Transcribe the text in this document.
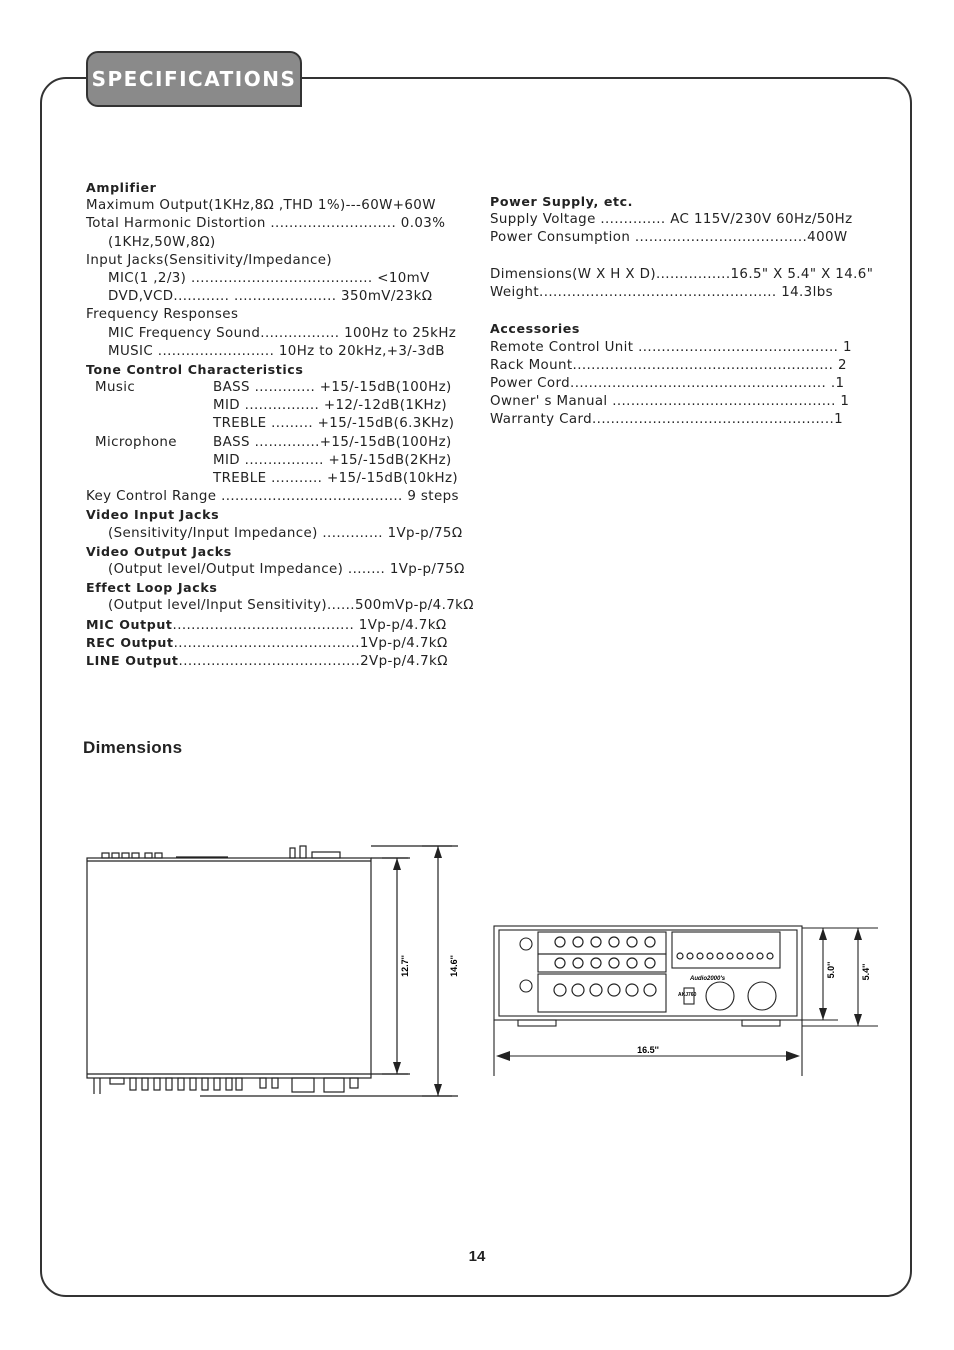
SPECIFICATIONS
Amplifier
Maximum Output(1KHz,8Ω ,THD 1%)---60W+60W
Total Harmonic Distortion ........................... 0.03%
(1KHz,50W,8Ω)
Input Jacks(Sensitivity/Impedance)
MIC(1 ,2/3) ....................................... <10mV
DVD,VCD............ ...................... 350mV/23kΩ
Frequency Responses
MIC Frequency Sound................. 100Hz to 25kHz
MUSIC ......................... 10Hz to 20kHz,+3/-3dB
Tone Control Characteristics
Music	BASS ............. +15/-15dB(100Hz)
MID ................ +12/-12dB(1KHz)
TREBLE ......... +15/-15dB(6.3KHz)
Microphone	BASS ..............+15/-15dB(100Hz)
MID ................. +15/-15dB(2KHz)
TREBLE ........... +15/-15dB(10kHz)
Key Control Range ....................................... 9 steps
Video Input Jacks
(Sensitivity/Input Impedance) ............. 1Vp-p/75Ω
Video Output Jacks
(Output level/Output Impedance) ........ 1Vp-p/75Ω
Effect Loop Jacks
(Output level/Input Sensitivity)......500mVp-p/4.7kΩ
MIC Output....................................... 1Vp-p/4.7kΩ
REC Output........................................1Vp-p/4.7kΩ
LINE Output.......................................2Vp-p/4.7kΩ
Power Supply, etc.
Supply Voltage .............. AC 115V/230V 60Hz/50Hz
Power Consumption .....................................400W
Dimensions(W X H X D)................16.5" X 5.4" X 14.6"
Weight................................................... 14.3lbs
Accessories
Remote Control Unit ........................................... 1
Rack Mount........................................................ 2
Power Cord....................................................... .1
Owner' s Manual ................................................ 1
Warranty Card....................................................1
Dimensions
12.7''	14.6''
Audio2000's
AKJ760
16.5''
5.0''	5.4''
14
